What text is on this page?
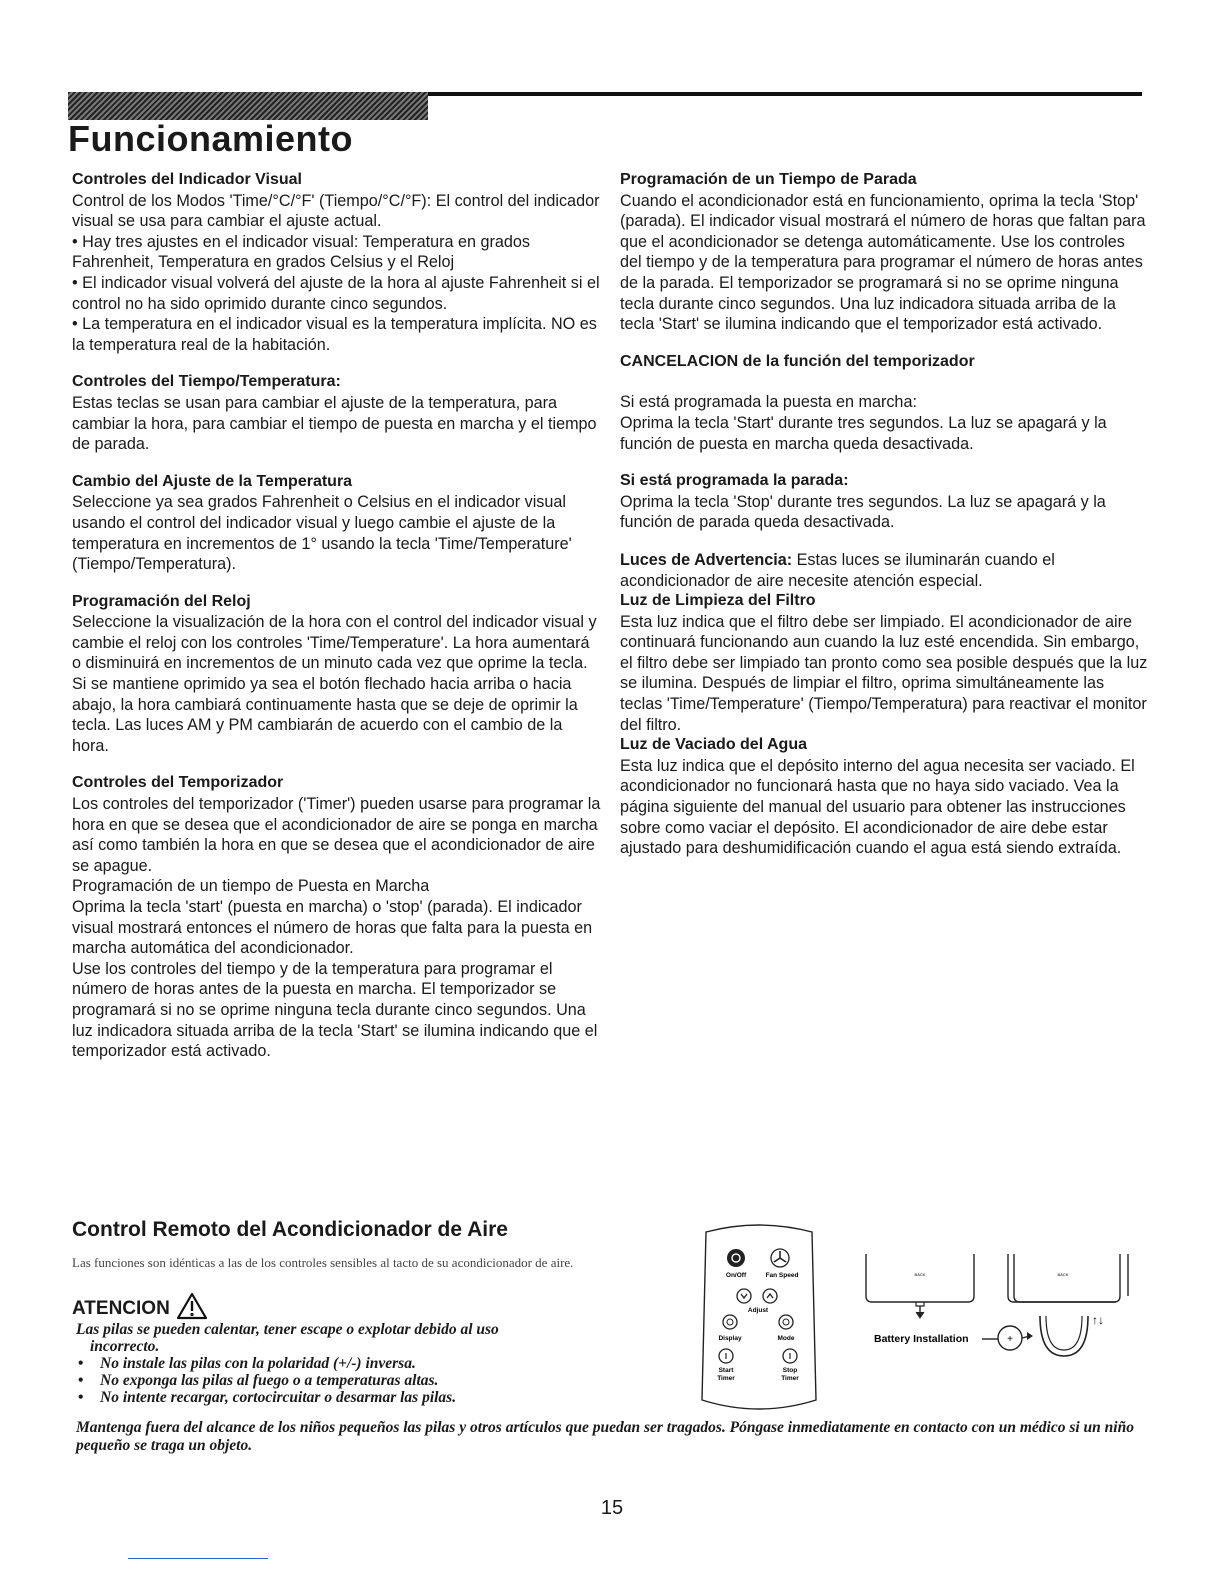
Funcionamiento
Controles del Indicador Visual

Control de los Modos 'Time/°C/°F' (Tiempo/°C/°F): El control del indicador visual se usa para cambiar el ajuste actual.
• Hay tres ajustes en el indicador visual: Temperatura en grados Fahrenheit, Temperatura en grados Celsius y el Reloj
• El indicador visual volverá del ajuste de la hora al ajuste Fahrenheit si el control no ha sido oprimido durante cinco segundos.
• La temperatura en el indicador visual es la temperatura implícita. NO es la temperatura real de la habitación.

Controles del Tiempo/Temperatura:

Estas teclas se usan para cambiar el ajuste de la temperatura, para cambiar la hora, para cambiar el tiempo de puesta en marcha y el tiempo de parada.

Cambio del Ajuste de la Temperatura

Seleccione ya sea grados Fahrenheit o Celsius en el indicador visual usando el control del indicador visual y luego cambie el ajuste de la temperatura en incrementos de 1° usando la tecla 'Time/Temperature' (Tiempo/Temperatura).

Programación del Reloj

Seleccione la visualización de la hora con el control del indicador visual y cambie el reloj con los controles 'Time/Temperature'. La hora aumentará o disminuirá en incrementos de un minuto cada vez que oprime la tecla. Si se mantiene oprimido ya sea el botón flechado hacia arriba o hacia abajo, la hora cambiará continuamente hasta que se deje de oprimir la tecla. Las luces AM y PM cambiarán de acuerdo con el cambio de la hora.

Controles del Temporizador

Los controles del temporizador ('Timer') pueden usarse para programar la hora en que se desea que el acondicionador de aire se ponga en marcha así como también la hora en que se desea que el acondicionador de aire se apague.
Programación de un tiempo de Puesta en Marcha
Oprima la tecla 'start' (puesta en marcha) o 'stop' (parada). El indicador visual mostrará entonces el número de horas que falta para la puesta en marcha automática del acondicionador.
Use los controles del tiempo y de la temperatura para programar el número de horas antes de la puesta en marcha. El temporizador se programará si no se oprime ninguna tecla durante cinco segundos. Una luz indicadora situada arriba de la tecla 'Start' se ilumina indicando que el temporizador está activado.

Programación de un Tiempo de Parada

Cuando el acondicionador está en funcionamiento, oprima la tecla 'Stop' (parada). El indicador visual mostrará el número de horas que faltan para que el acondicionador se detenga automáticamente. Use los controles del tiempo y de la temperatura para programar el número de horas antes de la parada. El temporizador se programará si no se oprime ninguna tecla durante cinco segundos. Una luz indicadora situada arriba de la tecla 'Start' se ilumina indicando que el temporizador está activado.

CANCELACION de la función del temporizador

Si está programada la puesta en marcha:
Oprima la tecla 'Start' durante tres segundos. La luz se apagará y la función de puesta en marcha queda desactivada.

Si está programada la parada:

Oprima la tecla 'Stop' durante tres segundos. La luz se apagará y la función de parada queda desactivada.

Luces de Advertencia: Estas luces se iluminarán cuando el acondicionador de aire necesite atención especial.

Luz de Limpieza del Filtro

Esta luz indica que el filtro debe ser limpiado. El acondicionador de aire continuará funcionando aun cuando la luz esté encendida. Sin embargo, el filtro debe ser limpiado tan pronto como sea posible después que la luz se ilumina. Después de limpiar el filtro, oprima simultáneamente las teclas 'Time/Temperature' (Tiempo/Temperatura) para reactivar el monitor del filtro.

Luz de Vaciado del Agua

Esta luz indica que el depósito interno del agua necesita ser vaciado. El acondicionador no funcionará hasta que no haya sido vaciado. Vea la página siguiente del manual del usuario para obtener las instrucciones sobre como vaciar el depósito. El acondicionador de aire debe estar ajustado para deshumidificación cuando el agua está siendo extraída.

Control Remoto del Acondicionador de Aire
Las funciones son idénticas a las de los controles sensibles al tacto de su acondicionador de aire.
ATENCION

Las pilas se pueden calentar, tener escape o explotar debido al uso

incorrecto.

• No instale las pilas con la polaridad (+/-) inversa.
• No exponga las pilas al fuego o a temperaturas altas.
• No intente recargar, cortocircuitar o desarmar las pilas.
Mantenga fuera del alcance de los niños pequeños las pilas y otros artículos que puedan ser tragados. Póngase inmediatamente en contacto con un médico si un niño pequeño se traga un objeto.
On/Off	Fan Speed
Adjust
Display	Mode
Start
Timer
Stop
Timer
BACK	BACK
Battery Installation	+
↑↓
15
